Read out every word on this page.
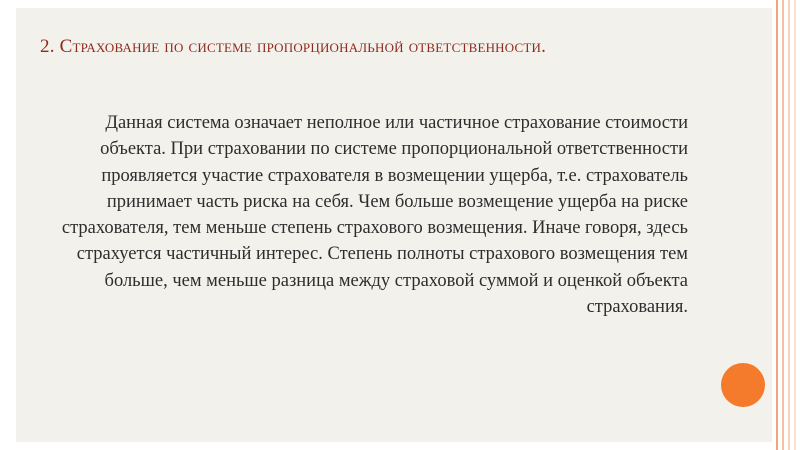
2. Страхование по системе пропорциональной ответственности.
Данная система означает неполное или частичное страхование стоимости объекта. При страховании по системе пропорциональной ответственности проявляется участие страхователя в возмещении ущерба, т.е. страхователь принимает часть риска на себя. Чем больше возмещение ущерба на риске страхователя, тем меньше степень страхового возмещения. Иначе говоря, здесь страхуется частичный интерес. Степень полноты страхового возмещения тем больше, чем меньше разница между страховой суммой и оценкой объекта страхования.
